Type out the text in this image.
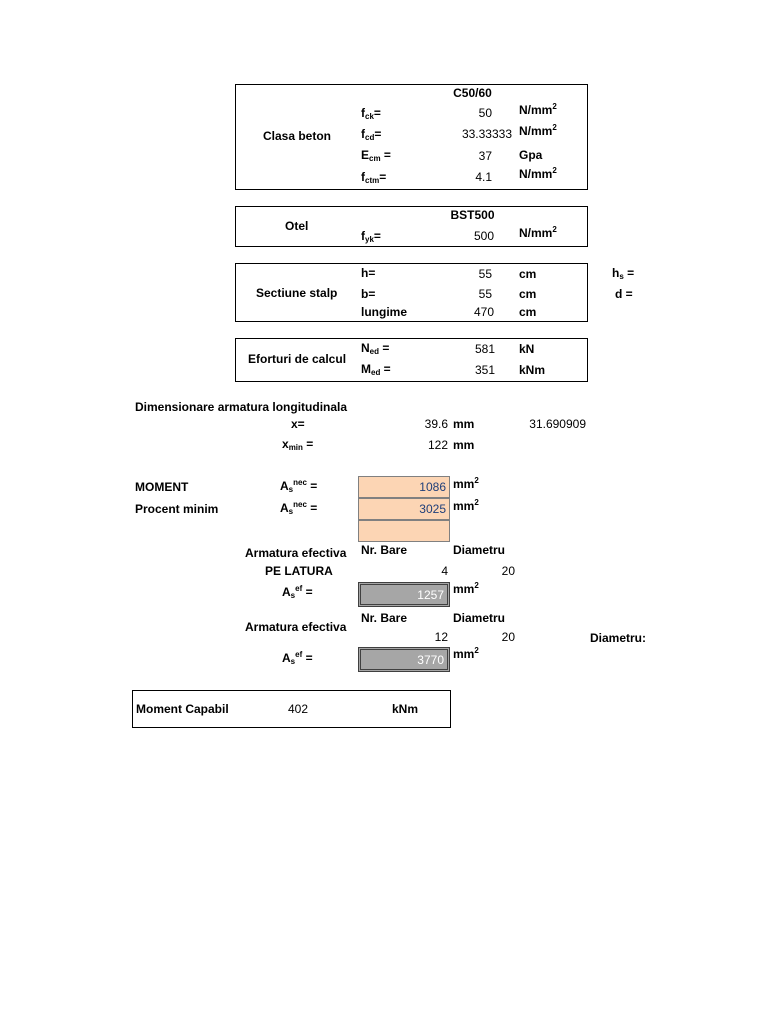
Clasa beton
C50/60
$f_{ck}=$	50 $N/mm^2$
$f_{cd}=$	33.33333 $N/mm^2$
$E_{cm}$ =	37 Gpa
$f_{ctm}=$	4.1 $N/mm^2$
Otel
BST500
$f_{yk}=$	500 $N/mm^2$
Sectiune stalp
h=	55 cm
b=	55 cm
lungime	470 cm
$h_s$ =
d =
Eforturi de calcul
$N_{ed}$ =	581 kN
$M_{ed}$ =	351 kNm
Dimensionare armatura longitudinala
x=	39.6 mm	31.690909
$x_{min}$ =	122 mm
MOMENT	$A_s^{nec}$ =	1086 $mm^2$
Procent minim	$A_s^{nec}$ =	3025 $mm^2$
Armatura efectiva Nr. Bare	Diametru
PE LATURA	4	20
$A_s^{ef}$ =	1257 $mm^2$
Nr. Bare	Diametru
Armatura efectiva
12	20	Diametru:
$A_s^{ef}$ =	3770 $mm^2$
Moment Capabil	402	kNm
